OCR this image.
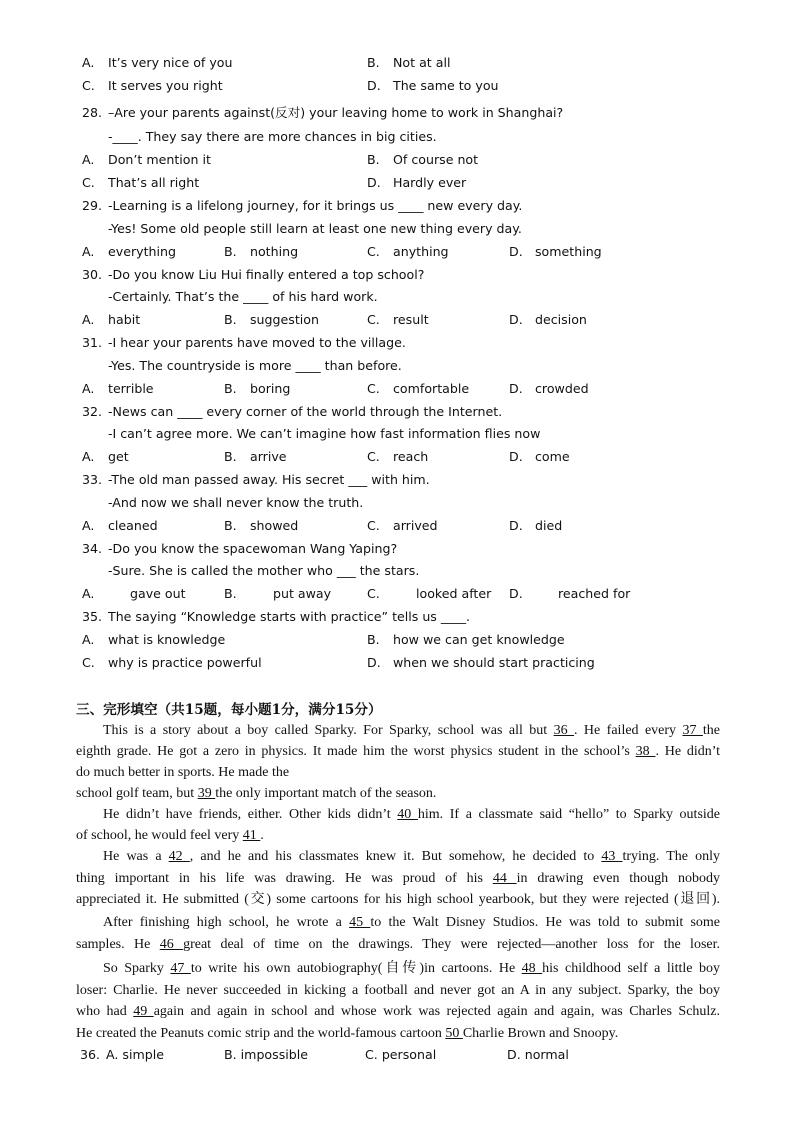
A. It’s very nice of you	B. Not at all
C. It serves you right	D. The same to you
28. –Are your parents against(反对) your leaving home to work in Shanghai?
-____. They say there are more chances in big cities.
A. Don’t mention it	B. Of course not
C. That’s all right	D. Hardly ever
29. -Learning is a lifelong journey, for it brings us ____ new every day.
-Yes! Some old people still learn at least one new thing every day.
A. everything	B. nothing	C. anything	D. something
30. -Do you know Liu Hui finally entered a top school?
-Certainly. That’s the ____ of his hard work.
A. habit	B. suggestion	C. result	D. decision
31. -I hear your parents have moved to the village.
-Yes. The countryside is more ____ than before.
A. terrible	B. boring	C. comfortable	D. crowded
32. -News can ____ every corner of the world through the Internet.
-I can’t agree more. We can’t imagine how fast information flies now
A. get	B. arrive	C. reach	D. come
33. -The old man passed away. His secret ___ with him.
-And now we shall never know the truth.
A. cleaned	B. showed	C. arrived	D. died
34. -Do you know the spacewoman Wang Yaping?
-Sure. She is called the mother who ___ the stars.
A.	gave out	B.	put away	C.	looked after D.	reached for
35. The saying “Knowledge starts with practice” tells us ____.
A. what is knowledge	B. how we can get knowledge
C. why is practice powerful	D. when we should start practicing
三、完形填空（共15题，每小题1分，满分15分）
This is a story about a boy called Sparky. For Sparky, school was all but 36 . He failed every 37 the
eighth grade. He got a zero in physics. It made him the worst physics student in the school’s 38 . He didn’t
do much better in sports. He made the
school golf team, but 39 the only important match of the season.
He didn’t have friends, either. Other kids didn’t 40 him. If a classmate said “hello” to Sparky outside
of school, he would feel very 41 .
He was a 42 , and he and his classmates knew it. But somehow, he decided to 43 trying. The only
thing important in his life was drawing. He was proud of his 44 in drawing even though nobody
appreciated it. He submitted (交) some cartoons for his high school yearbook, but they were rejected (退回).
After finishing high school, he wrote a 45 to the Walt Disney Studios. He was told to submit some
samples. He 46 great deal of time on the drawings. They were rejected—another loss for the loser.
So Sparky 47 to write his own autobiography(自传)in cartoons. He 48 his childhood self a little boy
loser: Charlie. He never succeeded in kicking a football and never got an A in any subject. Sparky, the boy
who had 49 again and again in school and whose work was rejected again and again, was Charles Schulz.
He created the Peanuts comic strip and the world-famous cartoon 50 Charlie Brown and Snoopy.
36. A. simple	B. impossible	C. personal	D. normal
